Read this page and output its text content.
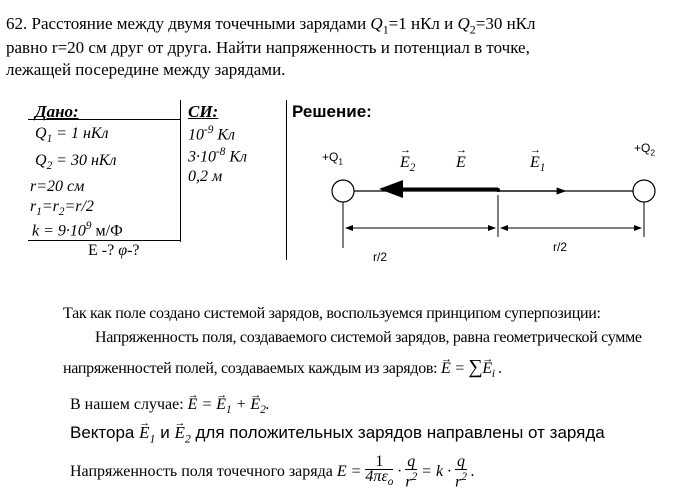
62. Расстояние между двумя точечными зарядами $Q_1=1$ нКл и $Q_2=30$ нКл
равно r=20 см друг от друга. Найти напряженность и потенциал в точке,
лежащей посередине между зарядами.
Дано:
$Q_1 = 1$ нКл
$Q_2 = 30$ нКл
r=20 см
$r_1=r_2=r/2$
$k = 9\cdot 10^9$ м/Ф
E -? φ-?
СИ:
$10^{-9}$ Кл
$3\cdot 10^{-8}$ Кл
0,2 м
Решение:
$+Q_1$
$+Q_2$
→ $E_2$	→ E	→ $E_1$
r/2
r/2
Так как поле создано системой зарядов, воспользуемся принципом суперпозиции:
Напряженность поля, создаваемого системой зарядов, равна геометрической сумме
напряженностей полей, создаваемых каждым из зарядов: → E = ∑→ $E_i$ .
В нашем случае: → E = → $E_1$ + → $E_2$.
Вектора → $E_1$ $и \to E_2$ для положительных зарядов направлены от заряда
Напряженность поля точечного заряда E =
1
$4\pi\varepsilon_o$
· $\frac{q}{r^2} = k \cdot \frac{q}{r^2}$ .
